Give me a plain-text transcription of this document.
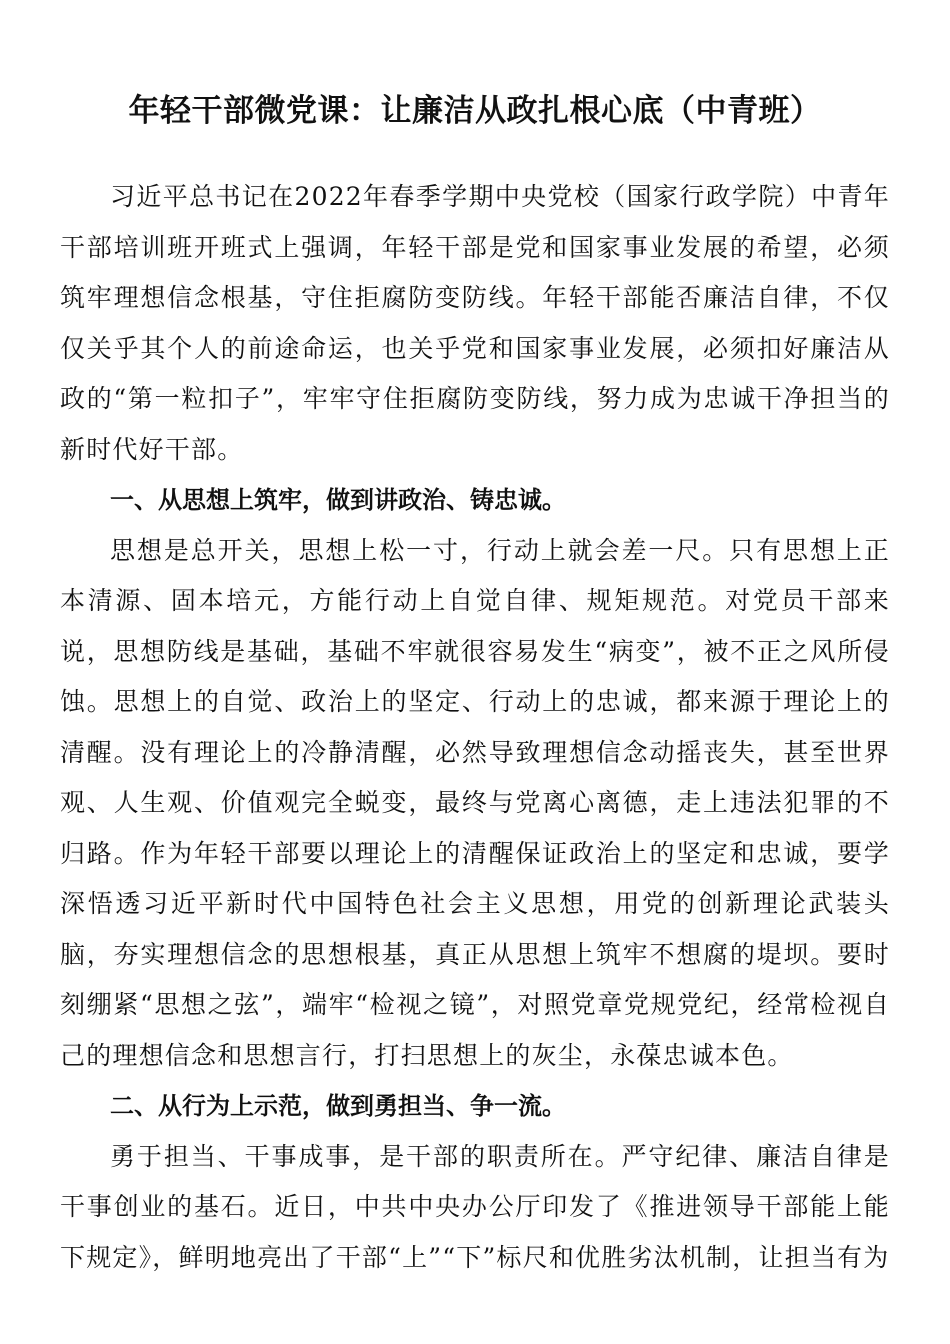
年轻干部微党课：让廉洁从政扎根心底（中青班）

习近平总书记在2022年春季学期中央党校（国家行政学院）中青年干部培训班开班式上强调，年轻干部是党和国家事业发展的希望，必须筑牢理想信念根基，守住拒腐防变防线。年轻干部能否廉洁自律，不仅仅关乎其个人的前途命运，也关乎党和国家事业发展，必须扣好廉洁从政的“第一粒扣子”，牢牢守住拒腐防变防线，努力成为忠诚干净担当的新时代好干部。

一、从思想上筑牢，做到讲政治、铸忠诚。

思想是总开关，思想上松一寸，行动上就会差一尺。只有思想上正本清源、固本培元，方能行动上自觉自律、规矩规范。对党员干部来说，思想防线是基础，基础不牢就很容易发生“病变”，被不正之风所侵蚀。思想上的自觉、政治上的坚定、行动上的忠诚，都来源于理论上的清醒。没有理论上的冷静清醒，必然导致理想信念动摇丧失，甚至世界观、人生观、价值观完全蜕变，最终与党离心离德，走上违法犯罪的不归路。作为年轻干部要以理论上的清醒保证政治上的坚定和忠诚，要学深悟透习近平新时代中国特色社会主义思想，用党的创新理论武装头脑，夯实理想信念的思想根基，真正从思想上筑牢不想腐的堤坝。要时刻绷紧“思想之弦”，端牢“检视之镜”，对照党章党规党纪，经常检视自己的理想信念和思想言行，打扫思想上的灰尘，永葆忠诚本色。

二、从行为上示范，做到勇担当、争一流。

勇于担当、干事成事，是干部的职责所在。严守纪律、廉洁自律是干事创业的基石。近日，中共中央办公厅印发了《推进领导干部能上能下规定》，鲜明地亮出了干部“上”“下”标尺和优胜劣汰机制，让担当有为
